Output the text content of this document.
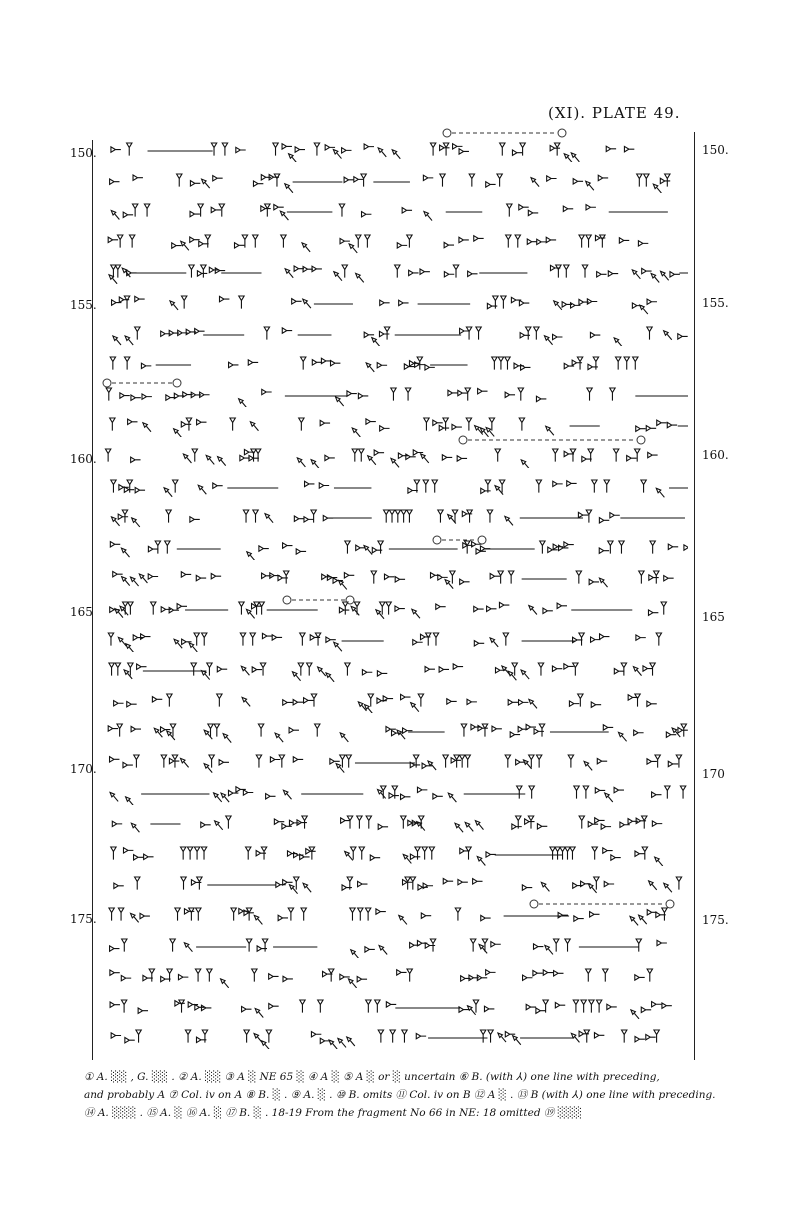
(XI). PLATE 49.
150.
155.
160.
165
170.
175.
150.
155.
160.
165
170
175.

① A. ░░ , G. ░░ . ② A. ░░ ③ A ░ NE 65 ░ ④ A ░ ⑤ A ░ or ░ uncertain ⑥ B. (with ⅄) one line with preceding,

and probably A ⑦ Col. iv on A ⑧ B. ░ . ⑨ A. ░ . ⑩ B. omits ⑪ Col. iv on B ⑫ A ░ . ⑬ B (with ⅄) one line with preceding.

⑭ A. ░░░ . ⑮ A. ░ ⑯ A. ░ ⑰ B. ░ . 18-19 From the fragment No 66 in NE: 18 omitted ⑲ ░░░
